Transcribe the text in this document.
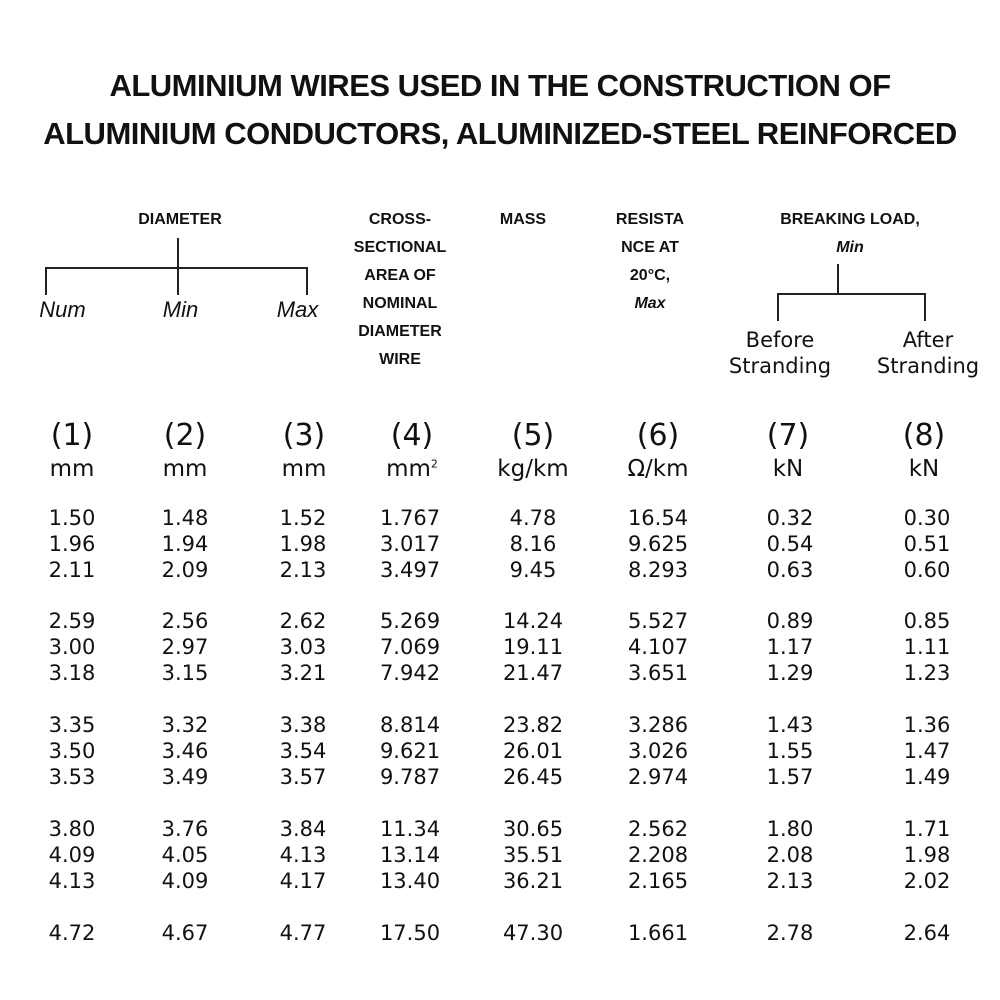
ALUMINIUM WIRES USED IN THE CONSTRUCTION OF
ALUMINIUM CONDUCTORS, ALUMINIZED-STEEL REINFORCED
DIAMETER
Num	Min	Max
CROSS-
SECTIONAL
AREA OF
NOMINAL
DIAMETER
WIRE
MASS	RESISTA
NCE AT
20°C,
Max
BREAKING LOAD,
Min
Before
Stranding
After
Stranding
(1)	(2)	(3)	(4)	(5)	(6)	(7)	(8)
mm	mm	mm	$mm^2$	kg/km	Ω/km	kN	kN
1.50	1.48	1.52	1.767	4.78	16.54	0.32	0.30
1.96	1.94	1.98	3.017	8.16	9.625	0.54	0.51
2.11	2.09	2.13	3.497	9.45	8.293	0.63	0.60
2.59	2.56	2.62	5.269	14.24	5.527	0.89	0.85
3.00	2.97	3.03	7.069	19.11	4.107	1.17	1.11
3.18	3.15	3.21	7.942	21.47	3.651	1.29	1.23
3.35	3.32	3.38	8.814	23.82	3.286	1.43	1.36
3.50	3.46	3.54	9.621	26.01	3.026	1.55	1.47
3.53	3.49	3.57	9.787	26.45	2.974	1.57	1.49
3.80	3.76	3.84	11.34	30.65	2.562	1.80	1.71
4.09	4.05	4.13	13.14	35.51	2.208	2.08	1.98
4.13	4.09	4.17	13.40	36.21	2.165	2.13	2.02
4.72	4.67	4.77	17.50	47.30	1.661	2.78	2.64
